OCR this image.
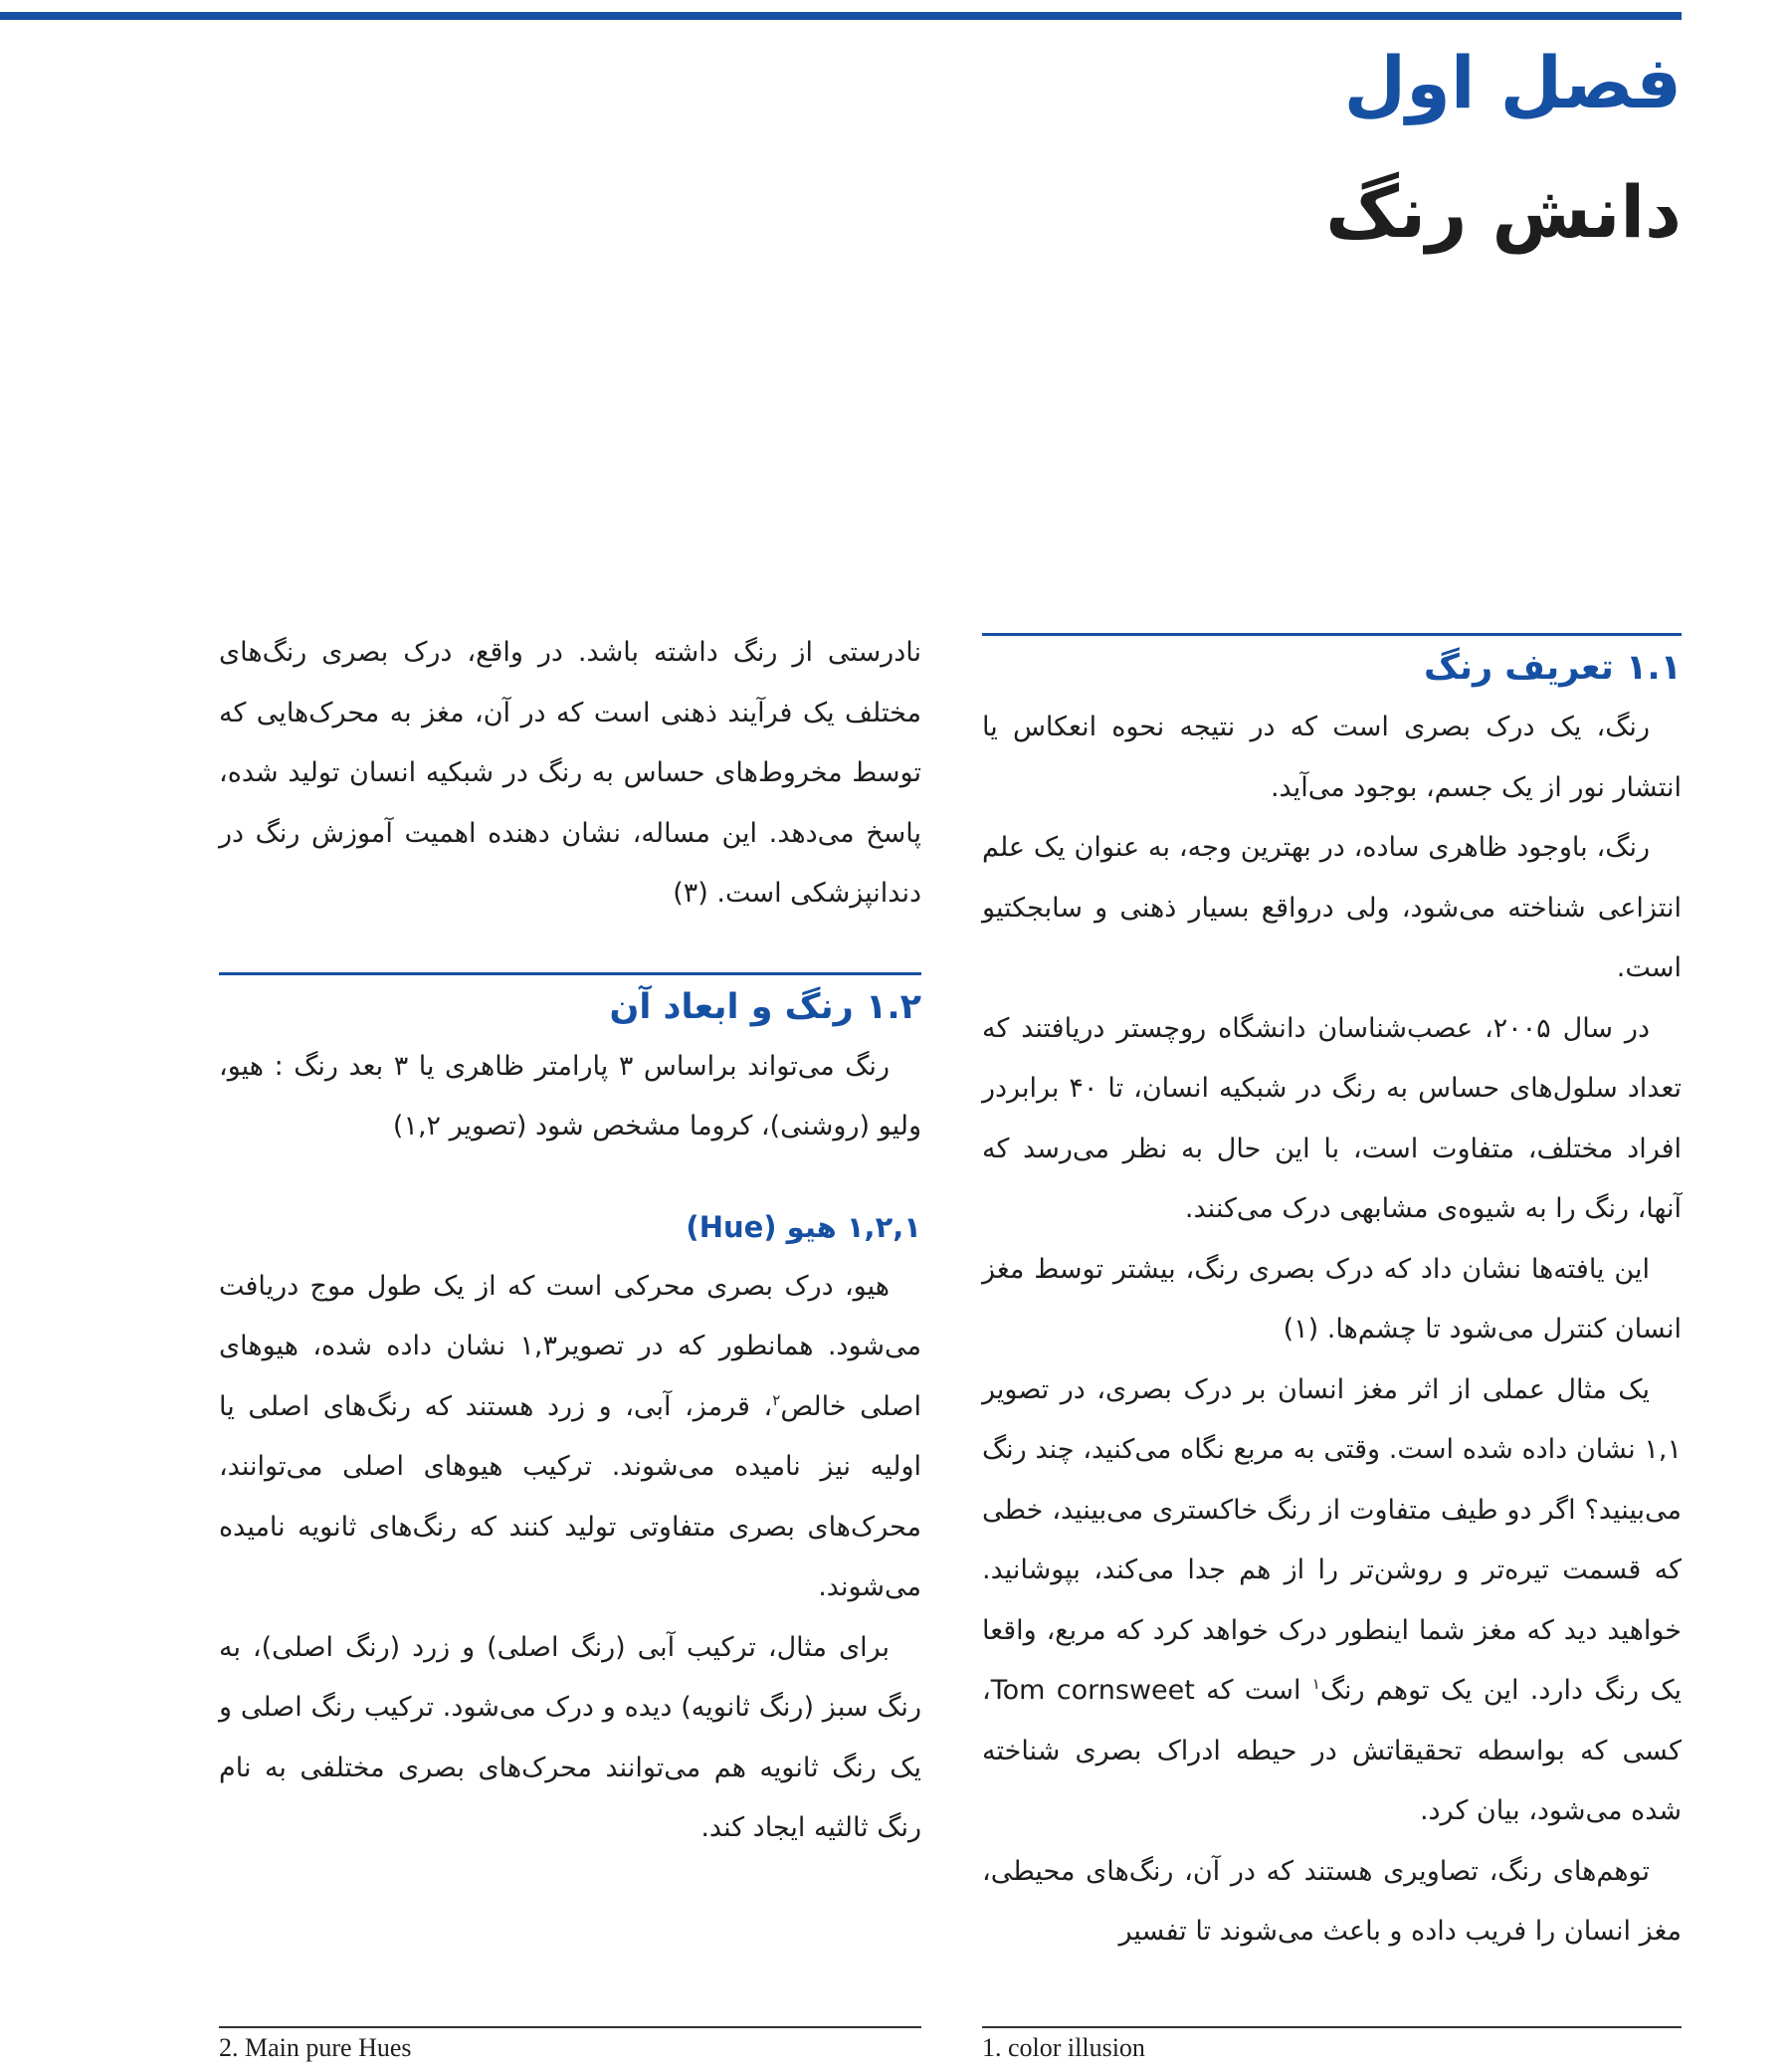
فصل اول
دانش رنگ
۱.۱ تعریف رنگ

رنگ، یک درک بصری است که در نتیجه نحوه انعکاس یا انتشار نور از یک جسم، بوجود می‌آید.

رنگ، باوجود ظاهری ساده، در بهترین وجه، به عنوان یک علم انتزاعی شناخته می‌شود، ولی درواقع بسیار ذهنی و سابجکتیو است.

در سال ۲۰۰۵، عصب‌شناسان دانشگاه روچستر دریافتند که تعداد سلول‌های حساس به رنگ در شبکیه انسان، تا ۴۰ برابردر افراد مختلف، متفاوت است، با این حال به نظر می‌رسد که آنها، رنگ را به شیوه‌ی مشابهی درک می‌کنند.

این یافته‌ها نشان داد که درک بصری رنگ، بیشتر توسط مغز انسان کنترل می‌شود تا چشم‌ها. (۱)

یک مثال عملی از اثر مغز انسان بر درک بصری، در تصویر ۱,۱ نشان داده شده است. وقتی به مربع نگاه می‌کنید، چند رنگ می‌بینید؟ اگر دو طیف متفاوت از رنگ خاکستری می‌بینید، خطی که قسمت تیره‌تر و روشن‌تر را از هم جدا می‌کند، بپوشانید. خواهید دید که مغز شما اینطور درک خواهد کرد که مربع، واقعا یک رنگ دارد. این یک توهم رنگ$^۱$ است که Tom cornsweet، کسی که بواسطه تحقیقاتش در حیطه ادراک بصری شناخته شده می‌شود، بیان کرد.

توهم‌های رنگ، تصاویری هستند که در آن، رنگ‌های محیطی، مغز انسان را فریب داده و باعث می‌شوند تا تفسیر

نادرستی از رنگ داشته باشد. در واقع، درک بصری رنگ‌های مختلف یک فرآیند ذهنی است که در آن، مغز به محرک‌هایی که توسط مخروط‌های حساس به رنگ در شبکیه انسان تولید شده، پاسخ می‌دهد. این مساله، نشان دهنده اهمیت آموزش رنگ در دندانپزشکی است. (۳)

۱.۲ رنگ و ابعاد آن

رنگ می‌تواند براساس ۳ پارامتر ظاهری یا ۳ بعد رنگ : هیو، ولیو (روشنی)، کروما مشخص شود (تصویر ۱,۲)

۱,۲,۱ هیو (Hue)

هیو، درک بصری محرکی است که از یک طول موج دریافت می‌شود. همانطور که در تصویر۱,۳ نشان داده شده، هیوهای اصلی خالص$^۲$، قرمز، آبی، و زرد هستند که رنگ‌های اصلی یا اولیه نیز نامیده می‌شوند. ترکیب هیوهای اصلی می‌توانند، محرک‌های بصری متفاوتی تولید کنند که رنگ‌های ثانویه نامیده می‌شوند.

برای مثال، ترکیب آبی (رنگ اصلی) و زرد (رنگ اصلی)، به رنگ سبز (رنگ ثانویه) دیده و درک می‌شود. ترکیب رنگ اصلی و یک رنگ ثانویه هم می‌توانند محرک‌های بصری مختلفی به نام رنگ ثالثیه ایجاد کند.

1. color illusion
2. Main pure Hues
